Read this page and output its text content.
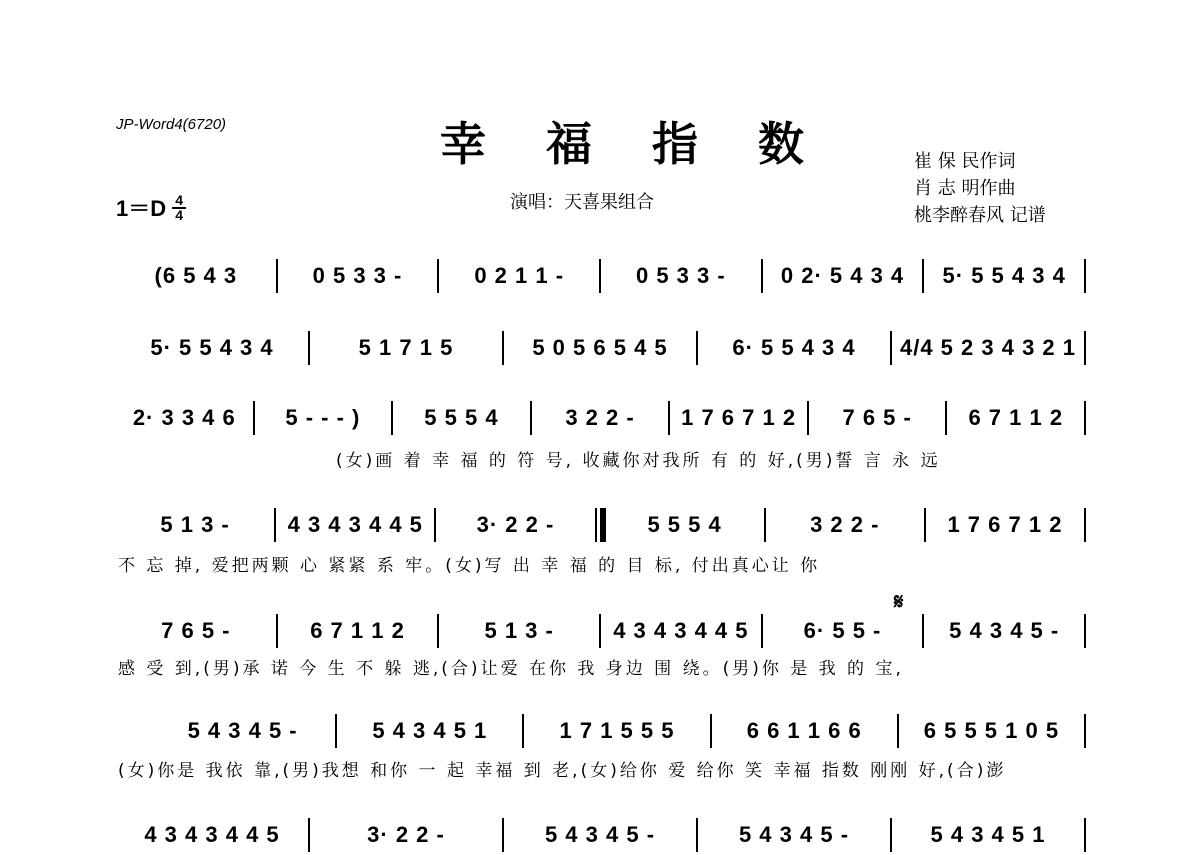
JP-Word4(6720)	幸 福 指 数	崔 保 民作词
肖 志 明作曲
桃李醉春风 记谱
演唱：天喜果组合
$1=D \frac{4}{4}$
𝄋
(6 5 4 3	0 5 3 3 -	0 2 1 1 -	0 5 3 3 -	0 2· 5 4 3 4	5· 5 5 4 3 4
5· 5 5 4 3 4	5 1 7 1 5	5 0 5 6 5 4 5	6· 5 5 4 3 4	4/4 5 2 3 4 3 2 1
2· 3 3 4 6	5 - - - )	5 5 5 4	3 2 2 -	1 7 6 7 1 2	7 6 5 -	6 7 1 1 2
5 1 3 -	4 3 4 3 4 4 5	3· 2 2 -	5 5 5 4	3 2 2 -	1 7 6 7 1 2
7 6 5 -	6 7 1 1 2	5 1 3 -	4 3 4 3 4 4 5	6· 5 5 -	5 4 3 4 5 -
5 4 3 4 5 -	5 4 3 4 5 1	1 7 1 5 5 5	6 6 1 1 6 6	6 5 5 5 1 0 5
4 3 4 3 4 4 5	3· 2 2 -	5 4 3 4 5 -	5 4 3 4 5 -	5 4 3 4 5 1
(女)画 着 幸 福 的 符 号, 收藏你对我所 有 的 好,(男)誓 言 永 远
不 忘 掉, 爱把两颗 心 紧紧 系 牢。(女)写 出 幸 福 的 目 标, 付出真心让 你
感 受 到,(男)承 诺 今 生 不 躲 逃,(合)让爱 在你 我 身边 围 绕。(男)你 是 我 的 宝,
(女)你是 我依 靠,(男)我想 和你 一 起 幸福 到 老,(女)给你 爱 给你 笑 幸福 指数 刚刚 好,(合)澎
